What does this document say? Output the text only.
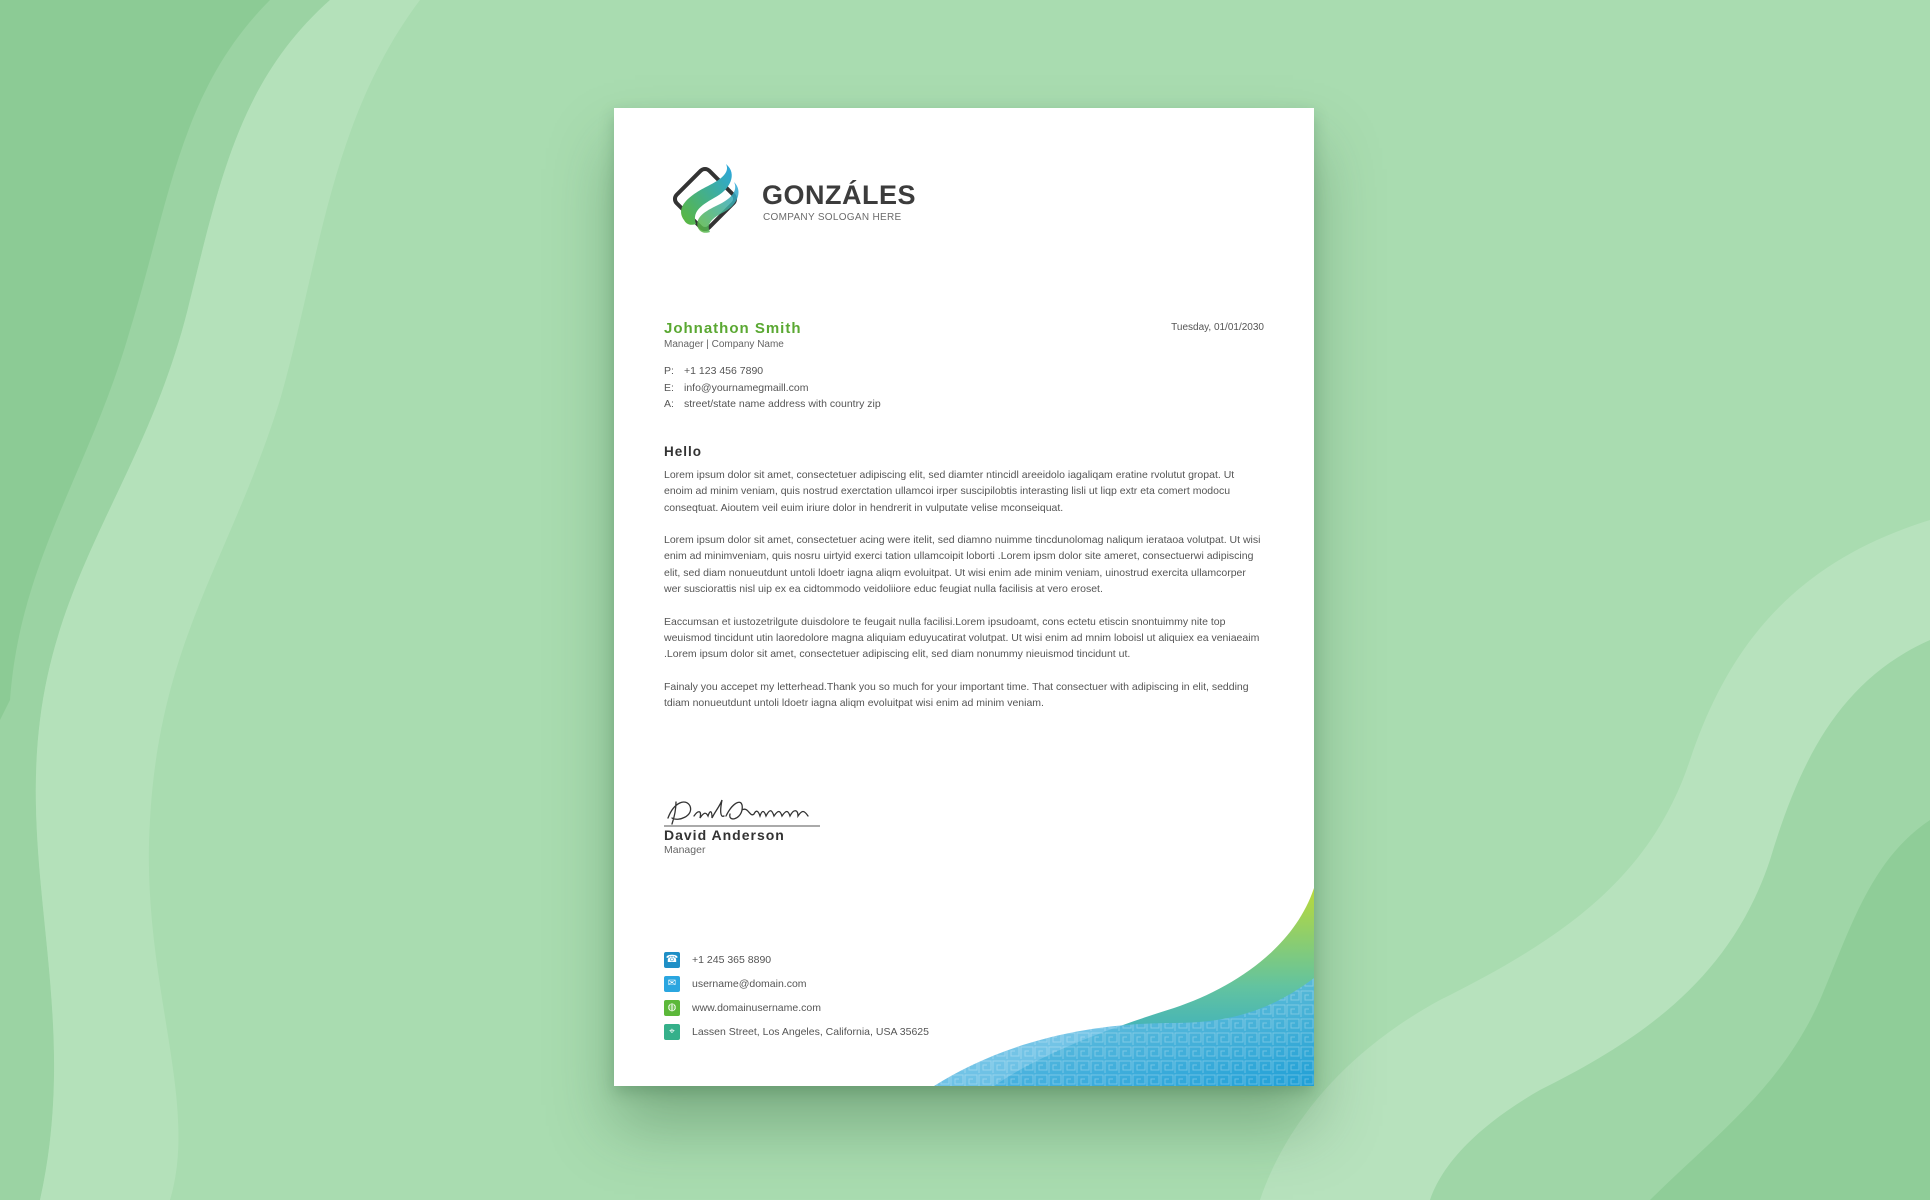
GONZÁLES
COMPANY SOLOGAN HERE
Johnathon Smith
Manager | Company Name
Tuesday, 01/01/2030
P: +1 123 456 7890
E: info@yournamegmaill.com
A: street/state name address with country zip
Hello

Lorem ipsum dolor sit amet, consectetuer adipiscing elit, sed diamter ntincidl areeidolo iagaliqam eratine rvolutut gropat. Ut enoim ad minim veniam, quis nostrud exerctation ullamcoi irper suscipilobtis interasting lisli ut liqp extr eta comert modocu conseqtuat. Aioutem veil euim iriure dolor in hendrerit in vulputate velise mconseiquat.

Lorem ipsum dolor sit amet, consectetuer acing were itelit, sed diamno nuimme tincdunolomag naliqum ierataoa volutpat. Ut wisi enim ad minimveniam, quis nosru uirtyid exerci tation ullamcoipit loborti .Lorem ipsm dolor site ameret, consectuerwi adipiscing elit, sed diam nonueutdunt untoli ldoetr iagna aliqm evoluitpat. Ut wisi enim ade minim veniam, uinostrud exercita ullamcorper wer susciorattis nisl uip ex ea cidtommodo veidoliiore educ feugiat nulla facilisis at vero eroset.

Eaccumsan et iustozetrilgute duisdolore te feugait nulla facilisi.Lorem ipsudoamt, cons ectetu etiscin snontuimmy nite top weuismod tincidunt utin laoredolore magna aliquiam eduyucatirat volutpat. Ut wisi enim ad mnim loboisl ut aliquiex ea veniaeaim .Lorem ipsum dolor sit amet, consectetuer adipiscing elit, sed diam nonummy nieuismod tincidunt ut.

Fainaly you accepet my letterhead.Thank you so much for your important time. That consectuer with adipiscing in elit, sedding tdiam nonueutdunt untoli ldoetr iagna aliqm evoluitpat wisi enim ad minim veniam.

David Anderson
Manager
☎ +1 245 365 8890
✉	username@domain.com
◍	www.domainusername.com
⌖	Lassen Street, Los Angeles, California, USA 35625
